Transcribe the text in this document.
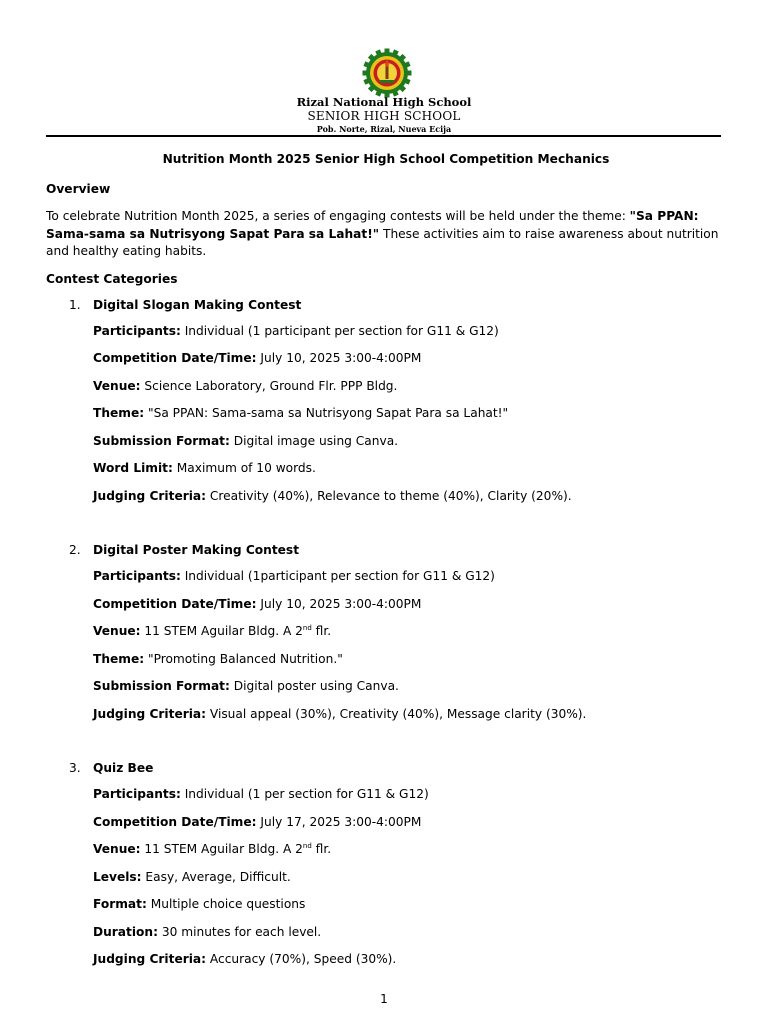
Rizal National High School
SENIOR HIGH SCHOOL
Pob. Norte, Rizal, Nueva Ecija
Nutrition Month 2025 Senior High School Competition Mechanics
Overview
To celebrate Nutrition Month 2025, a series of engaging contests will be held under the theme: "Sa PPAN: Sama-sama sa Nutrisyong Sapat Para sa Lahat!" These activities aim to raise awareness about nutrition and healthy eating habits.
Contest Categories
1. Digital Slogan Making Contest
Participants: Individual (1 participant per section for G11 & G12)
Competition Date/Time: July 10, 2025 3:00-4:00PM
Venue: Science Laboratory, Ground Flr. PPP Bldg.
Theme: "Sa PPAN: Sama-sama sa Nutrisyong Sapat Para sa Lahat!"
Submission Format: Digital image using Canva.
Word Limit: Maximum of 10 words.
Judging Criteria: Creativity (40%), Relevance to theme (40%), Clarity (20%).
2. Digital Poster Making Contest
Participants: Individual (1participant per section for G11 & G12)
Competition Date/Time: July 10, 2025 3:00-4:00PM
Venue: 11 STEM Aguilar Bldg. A 2nd flr.
Theme: "Promoting Balanced Nutrition."
Submission Format: Digital poster using Canva.
Judging Criteria: Visual appeal (30%), Creativity (40%), Message clarity (30%).
3. Quiz Bee
Participants: Individual (1 per section for G11 & G12)
Competition Date/Time: July 17, 2025 3:00-4:00PM
Venue: 11 STEM Aguilar Bldg. A 2nd flr.
Levels: Easy, Average, Difficult.
Format: Multiple choice questions
Duration: 30 minutes for each level.
Judging Criteria: Accuracy (70%), Speed (30%).
1
